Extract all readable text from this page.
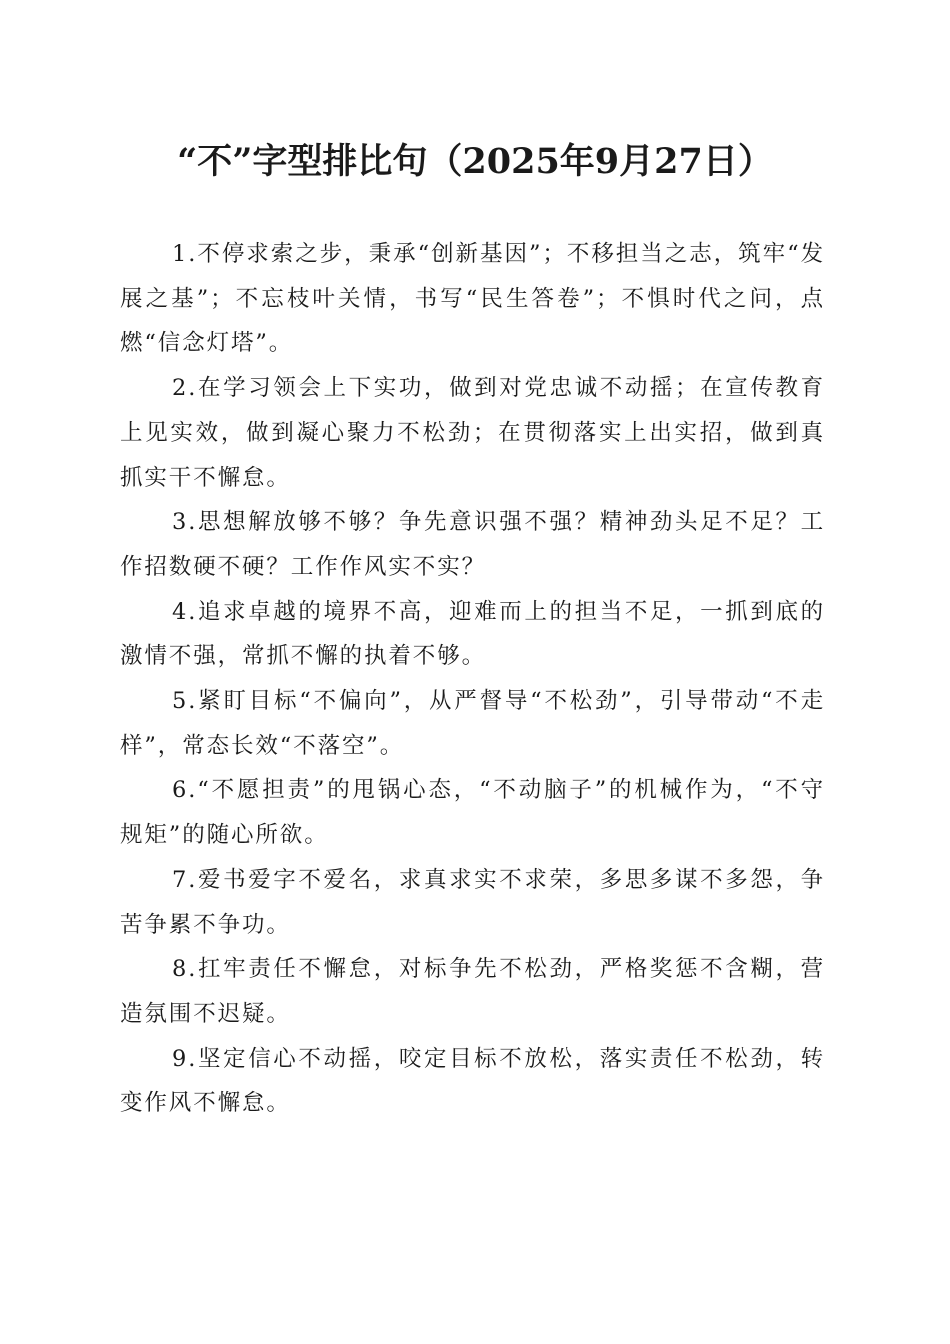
“不”字型排比句（2025年9月27日）

1.不停求索之步，秉承“创新基因”；不移担当之志，筑牢“发展之基”；不忘枝叶关情，书写“民生答卷”；不惧时代之问，点燃“信念灯塔”。

2.在学习领会上下实功，做到对党忠诚不动摇；在宣传教育上见实效，做到凝心聚力不松劲；在贯彻落实上出实招，做到真抓实干不懈怠。

3.思想解放够不够？争先意识强不强？精神劲头足不足？工作招数硬不硬？工作作风实不实？

4.追求卓越的境界不高，迎难而上的担当不足，一抓到底的激情不强，常抓不懈的执着不够。

5.紧盯目标“不偏向”，从严督导“不松劲”，引导带动“不走样”，常态长效“不落空”。

6.“不愿担责”的甩锅心态，“不动脑子”的机械作为，“不守规矩”的随心所欲。

7.爱书爱字不爱名，求真求实不求荣，多思多谋不多怨，争苦争累不争功。

8.扛牢责任不懈怠，对标争先不松劲，严格奖惩不含糊，营造氛围不迟疑。

9.坚定信心不动摇，咬定目标不放松，落实责任不松劲，转变作风不懈怠。
